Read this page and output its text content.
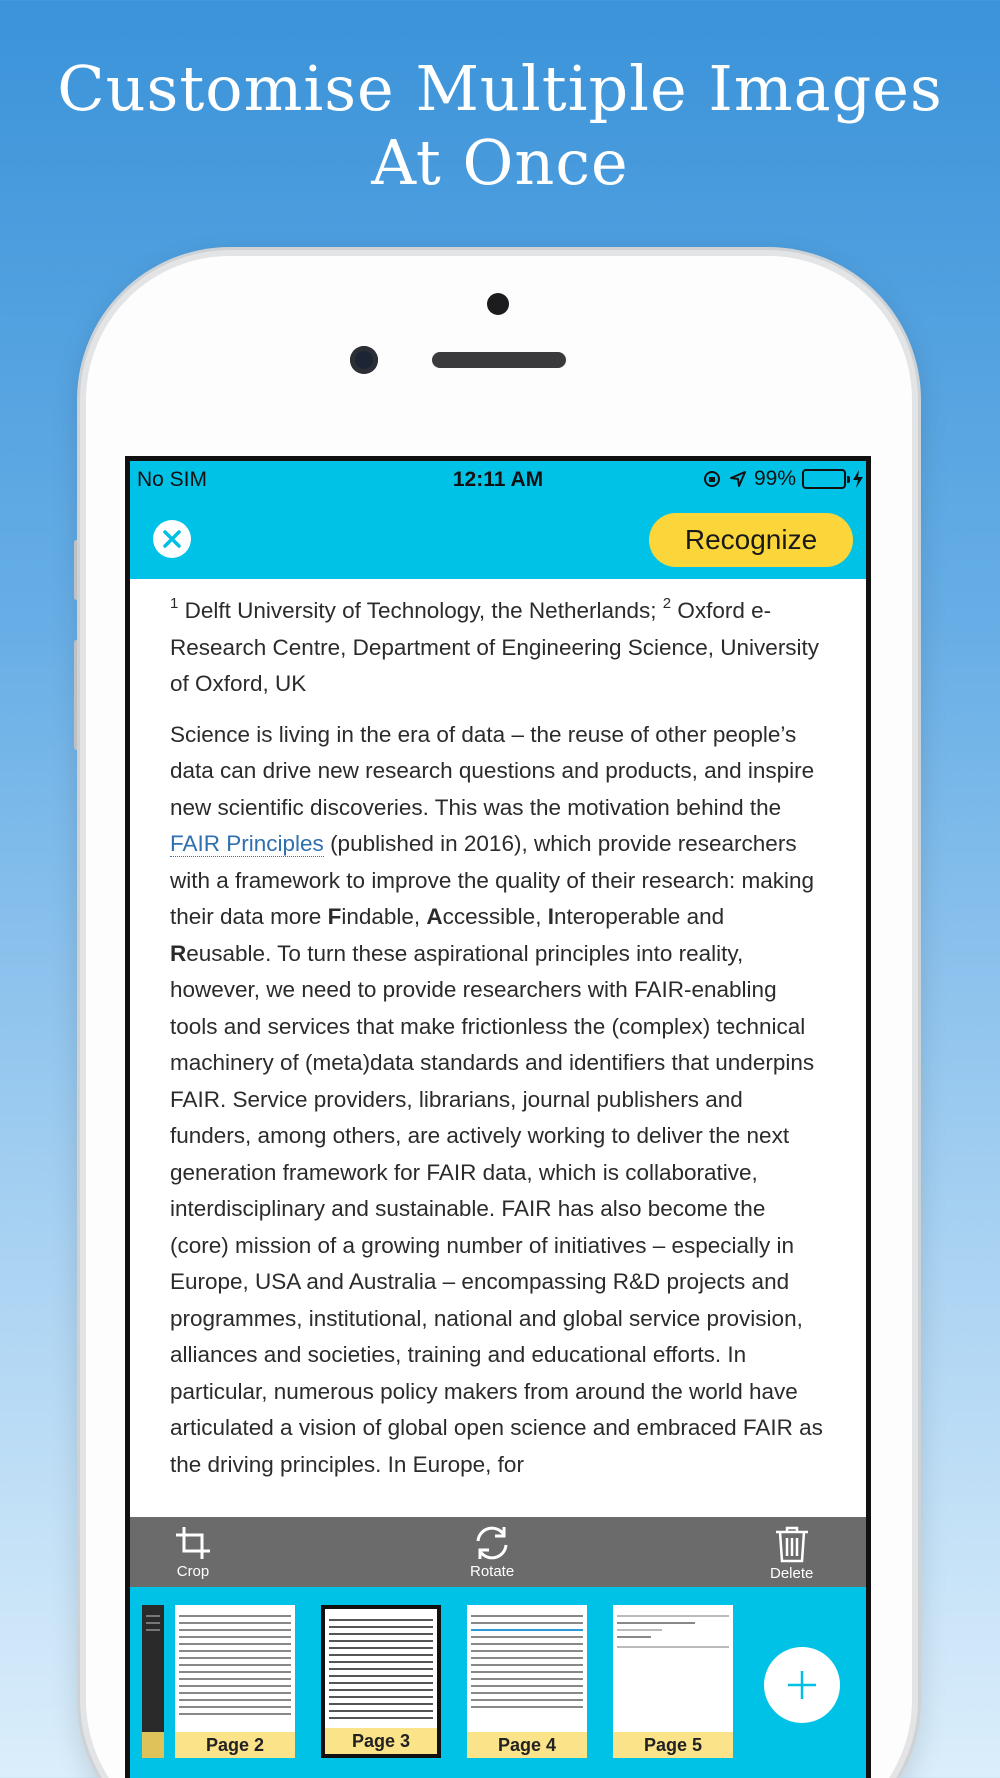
Customise Multiple Images
At Once
No SIM	12:11 AM	99%
Recognize

$^1$ Delft University of Technology, the Netherlands; $^2$ Oxford e-Research Centre, Department of Engineering Science, University of Oxford, UK

Science is living in the era of data – the reuse of other people’s data can drive new research questions and products, and inspire new scientific discoveries. This was the motivation behind the FAIR Principles (published in 2016), which provide researchers with a framework to improve the quality of their research: making their data more Findable, Accessible, Interoperable and Reusable. To turn these aspirational principles into reality, however, we need to provide researchers with FAIR-enabling tools and services that make frictionless the (complex) technical machinery of (meta)data standards and identifiers that underpins FAIR. Service providers, librarians, journal publishers and funders, among others, are actively working to deliver the next generation framework for FAIR data, which is collaborative, interdisciplinary and sustainable. FAIR has also become the (core) mission of a growing number of initiatives – especially in Europe, USA and Australia – encompassing R&D projects and programmes, institutional, national and global service provision, alliances and societies, training and educational efforts. In particular, numerous policy makers from around the world have articulated a vision of global open science and embraced FAIR as the driving principles. In Europe, for

Crop	Rotate	Delete
Page 2	Page 3	Page 4	Page 5
